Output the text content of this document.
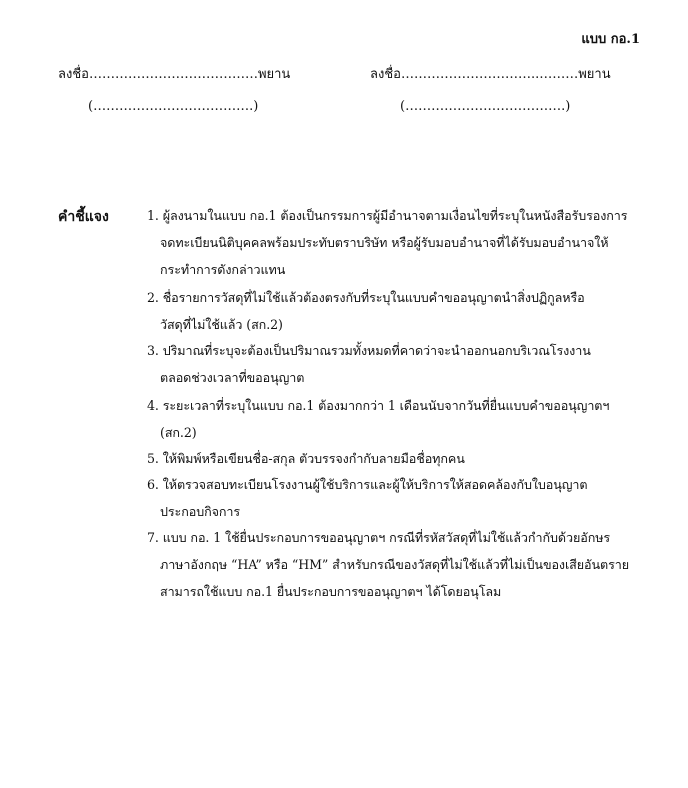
แบบ กอ.1
ลงชื่อ…………………………………พยาน	ลงชื่อ…………………………..………พยาน
(……………………………….)	(……………………………….)
คำชี้แจง	1. ผู้ลงนามในแบบ กอ.1 ต้องเป็นกรรมการผู้มีอำนาจตามเงื่อนไขที่ระบุในหนังสือรับรองการ
จดทะเบียนนิติบุคคลพร้อมประทับตราบริษัท หรือผู้รับมอบอำนาจที่ได้รับมอบอำนาจให้
กระทำการดังกล่าวแทน
2. ชื่อรายการวัสดุที่ไม่ใช้แล้วต้องตรงกับที่ระบุในแบบคำขออนุญาตนำสิ่งปฏิกูลหรือ
วัสดุที่ไม่ใช้แล้ว (สก.2)
3. ปริมาณที่ระบุจะต้องเป็นปริมาณรวมทั้งหมดที่คาดว่าจะนำออกนอกบริเวณโรงงาน
ตลอดช่วงเวลาที่ขออนุญาต
4. ระยะเวลาที่ระบุในแบบ กอ.1 ต้องมากกว่า 1 เดือนนับจากวันที่ยื่นแบบคำขออนุญาตฯ
(สก.2)
5. ให้พิมพ์หรือเขียนชื่อ-สกุล ตัวบรรจงกำกับลายมือชื่อทุกคน
6. ให้ตรวจสอบทะเบียนโรงงานผู้ใช้บริการและผู้ให้บริการให้สอดคล้องกับใบอนุญาต
ประกอบกิจการ
7. แบบ กอ. 1 ใช้ยื่นประกอบการขออนุญาตฯ กรณีที่รหัสวัสดุที่ไม่ใช้แล้วกำกับด้วยอักษร
ภาษาอังกฤษ “HA” หรือ “HM” สำหรับกรณีของวัสดุที่ไม่ใช้แล้วที่ไม่เป็นของเสียอันตราย
สามารถใช้แบบ กอ.1 ยื่นประกอบการขออนุญาตฯ ได้โดยอนุโลม
